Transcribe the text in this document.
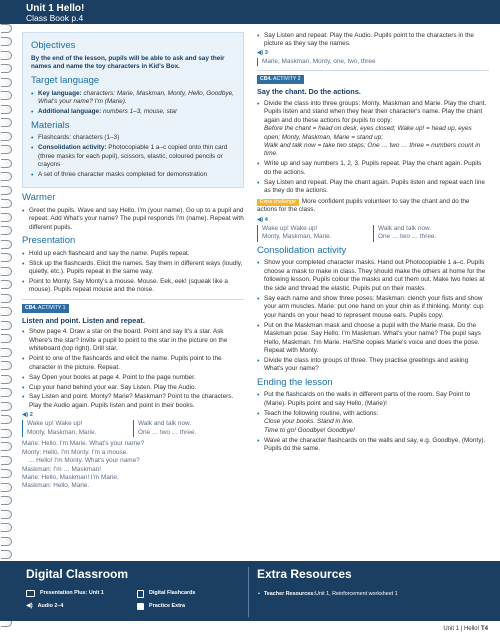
Unit 1 Hello!
Class Book p.4
Objectives

By the end of the lesson, pupils will be able to ask and say their names and name the toy characters in Kid's Box.

Target language
• Key language: characters: Marie, Maskman, Monty, Hello, Goodbye, What's your name? I'm (Marie).
• Additional language: numbers 1–3, mouse, star
Materials
• Flashcards: characters (1–3)
• Consolidation activity: Photocopiable 1 a–c copied onto thin card (three masks for each pupil), scissors, elastic, coloured pencils or crayons
• A set of three character masks completed for demonstration
Warmer
• Greet the pupils. Wave and say Hello. I'm (your name). Go up to a pupil and repeat. Add What's your name? The pupil responds I'm (name). Repeat with different pupils.
Presentation
• Hold up each flashcard and say the name. Pupils repeat.
• Stick up the flashcards. Elicit the names. Say them in different ways (loudly, quietly, etc.). Pupils repeat in the same way.
• Point to Monty. Say Monty's a mouse. Mouse. Eek, eek! (squeak like a mouse). Pupils repeat mouse and the noise.
CB4. ACTIVITY 1
Listen and point. Listen and repeat.
• Show page 4. Draw a star on the board. Point and say It's a star. Ask Where's the star? Invite a pupil to point to the star in the picture on the whiteboard (top right). Drill star.
• Point to one of the flashcards and elicit the name. Pupils point to the character in the picture. Repeat.
• Say Open your books at page 4. Point to the page number.
• Cup your hand behind your ear. Say Listen. Play the Audio.
• Say Listen and point. Monty? Marie? Maskman? Point to the characters. Play the Audio again. Pupils listen and point in their books.
◀) 2
Wake up! Wake up!
Monty, Maskman, Marie.
Walk and talk now.
One … two … three.
Marie: Hello. I'm Marie. What's your name?
Monty: Hello. I'm Monty. I'm a mouse.
… Hello! I'm Monty. What's your name?
Maskman: I'm … Maskman!
Marie: Hello, Maskman! I'm Marie.
Maskman: Hello, Marie.
• Say Listen and repeat. Play the Audio. Pupils point to the characters in the picture as they say the names.
◀) 3
Marie, Maskman, Monty, one, two, three
CB4. ACTIVITY 2
Say the chant. Do the actions.
• Divide the class into three groups: Monty, Maskman and Marie. Play the chant. Pupils listen and stand when they hear their character's name. Play the chant again and do these actions for pupils to copy:
Before the chant = head on desk, eyes closed; Wake up! = head up, eyes open; Monty, Maskman, Marie = stand up;
Walk and talk now = take two steps; One … two … three = numbers count in time.
• Write up and say numbers 1, 2, 3. Pupils repeat. Play the chant again. Pupils do the actions.
• Say Listen and repeat. Play the chant again. Pupils listen and repeat each line as they do the actions.

Extra challenge More confident pupils volunteer to say the chant and do the actions for the class.

◀) 4
Wake up! Wake up!
Monty, Maskman, Marie.
Walk and talk now.
One … two … three.
Consolidation activity
• Show your completed character masks. Hand out Photocopiable 1 a–c. Pupils choose a mask to make in class. They should make the others at home for the following lesson. Pupils colour the masks and cut them out. Make two holes at the side and thread the elastic. Pupils put on their masks.
• Say each name and show three poses: Maskman: clench your fists and show your arm muscles. Marie: put one hand on your chin as if thinking. Monty: cup your hands on your head to represent mouse ears. Pupils copy.
• Put on the Maskman mask and choose a pupil with the Marie mask. Do the Maskman pose. Say Hello. I'm Maskman. What's your name? The pupil says Hello, Maskman. I'm Marie. He/She copies Marie's voice and does the pose. Repeat with Monty.
• Divide the class into groups of three. They practise greetings and asking What's your name?
Ending the lesson
• Put the flashcards on the walls in different parts of the room. Say Point to (Marie). Pupils point and say Hello, (Marie)!
• Teach the following routine, with actions:
Close your books. Stand in line.
Time to go! Goodbye! Goodbye!
• Wave at the character flashcards on the walls and say, e.g. Goodbye, (Monty). Pupils do the same.
Digital Classroom	Extra Resources
Presentation Plus: Unit 1
◀) Audio 2–4
Digital Flashcards
Practice Extra
• Teacher Resources: Unit 1, Reinforcement worksheet 1
Unit 1 | Hello! T4
